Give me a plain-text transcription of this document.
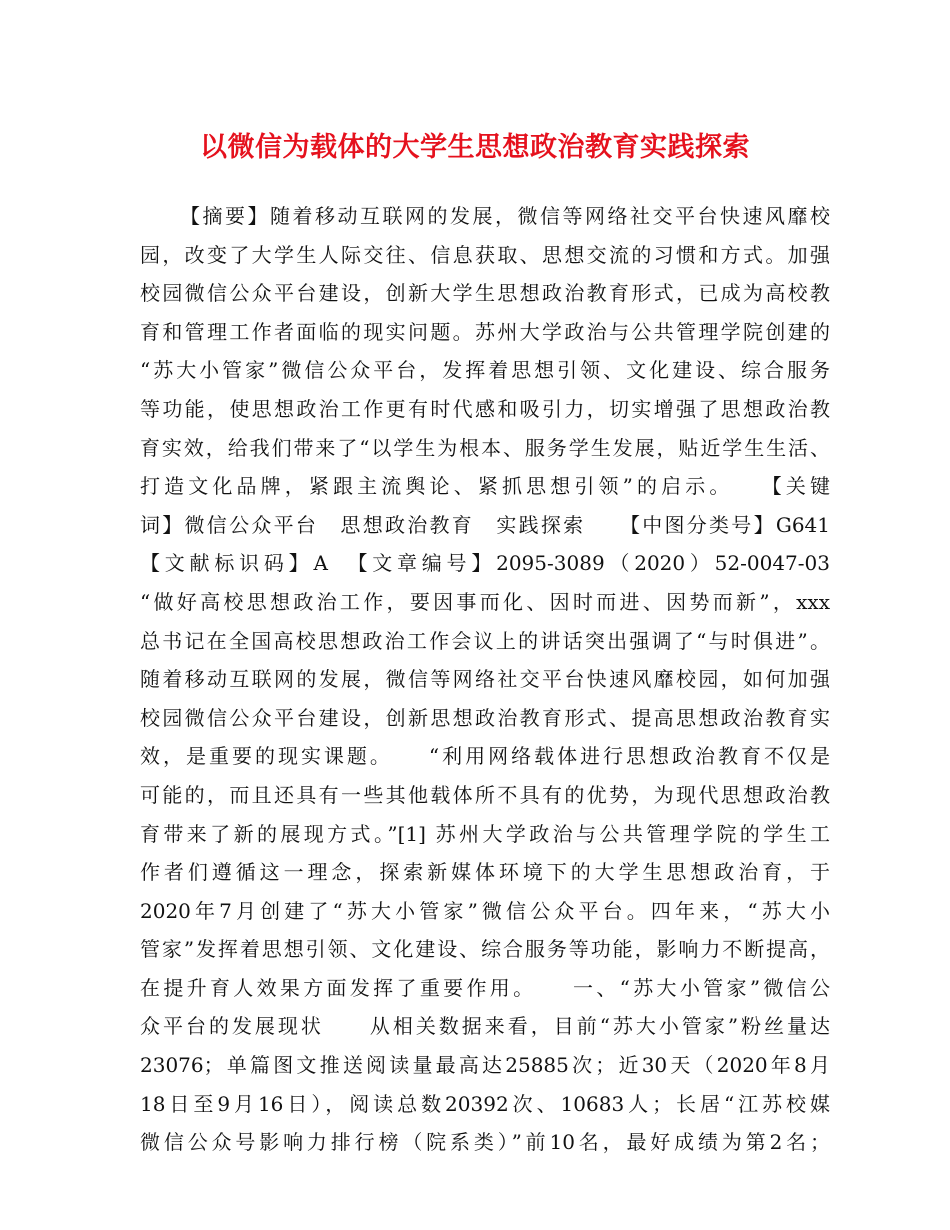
以微信为载体的大学生思想政治教育实践探索
【摘要】随着移动互联网的发展，微信等网络社交平台快速风靡校
园，改变了大学生人际交往、信息获取、思想交流的习惯和方式。加强
校园微信公众平台建设，创新大学生思想政治教育形式，已成为高校教
育和管理工作者面临的现实问题。苏州大学政治与公共管理学院创建的
“苏大小管家”微信公众平台，发挥着思想引领、文化建设、综合服务
等功能，使思想政治工作更有时代感和吸引力，切实增强了思想政治教
育实效，给我们带来了“以学生为根本、服务学生发展，贴近学生生活、
打造文化品牌，紧跟主流舆论、紧抓思想引领”的启示。　　【关键
词】微信公众平台　思想政治教育　实践探索　　【中图分类号】G641
【文献标识码】A　【文章编号】2095-3089（2020）52-0047-03
“做好高校思想政治工作，要因事而化、因时而进、因势而新”，xxx
总书记在全国高校思想政治工作会议上的讲话突出强调了“与时俱进”。
随着移动互联网的发展，微信等网络社交平台快速风靡校园，如何加强
校园微信公众平台建设，创新思想政治教育形式、提高思想政治教育实
效，是重要的现实课题。　　“利用网络载体进行思想政治教育不仅是
可能的，而且还具有一些其他载体所不具有的优势，为现代思想政治教
育带来了新的展现方式。”[1] 苏州大学政治与公共管理学院的学生工
作者们遵循这一理念，探索新媒体环境下的大学生思想政治育，于
2020年7月创建了“苏大小管家”微信公众平台。四年来，“苏大小
管家”发挥着思想引领、文化建设、综合服务等功能，影响力不断提高，
在提升育人效果方面发挥了重要作用。　　一、“苏大小管家”微信公
众平台的发展现状　　从相关数据来看，目前“苏大小管家”粉丝量达
23076；单篇图文推送阅读量最高达25885次；近30天（2020年8月
18日至9月16日），阅读总数20392次、10683人；长居“江苏校媒
微信公众号影响力排行榜（院系类）”前10名，最好成绩为第2名；
